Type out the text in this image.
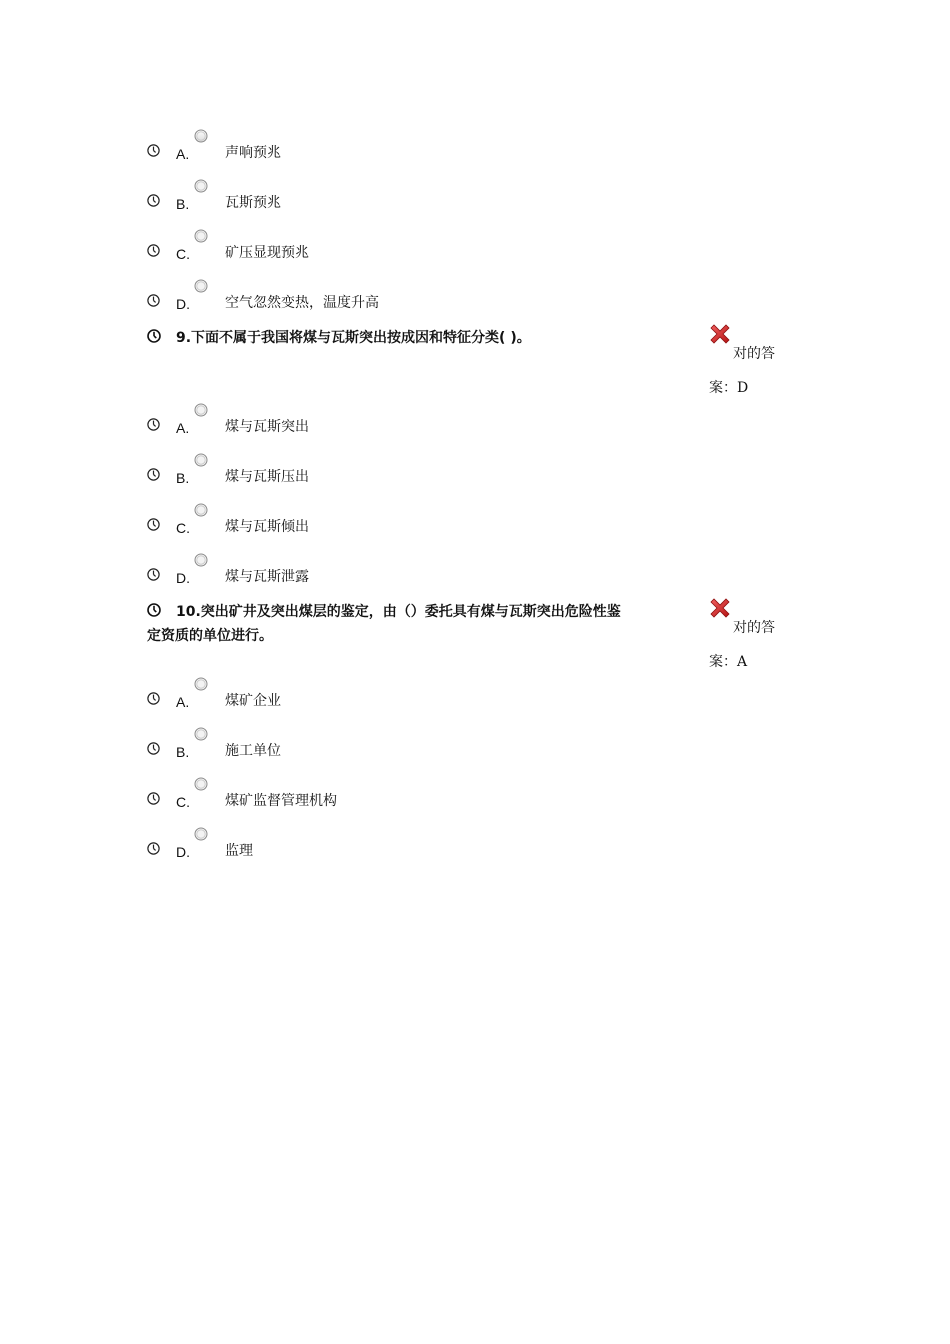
A.	声响预兆
B.	瓦斯预兆
C.	矿压显现预兆
D.	空气忽然变热，温度升高
9.下面不属于我国将煤与瓦斯突出按成因和特征分类( )。
对的答
案：D
A.	煤与瓦斯突出
B.	煤与瓦斯压出
C.	煤与瓦斯倾出
D.	煤与瓦斯泄露
10.突出矿井及突出煤层的鉴定，由（）委托具有煤与瓦斯突出危险性鉴
定资质的单位进行。	对的答
案：A
A.	煤矿企业
B.	施工单位
C.	煤矿监督管理机构
D.	监理
